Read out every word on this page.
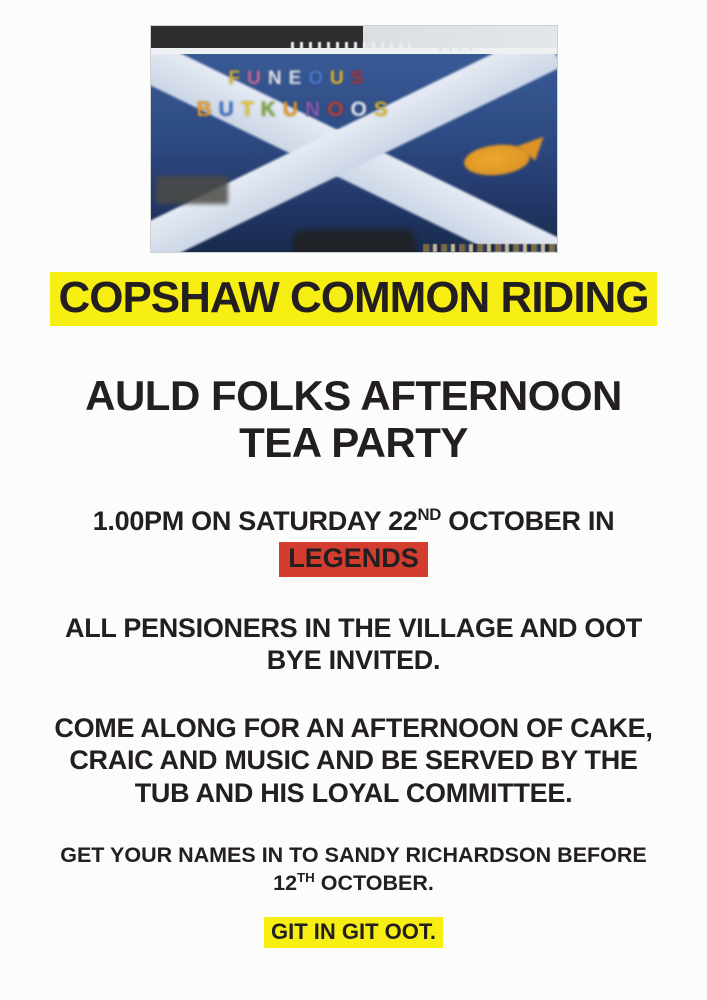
F U N E O U S
B U T K U N O O S
COPSHAW COMMON RIDING
AULD FOLKS AFTERNOON
TEA PARTY
1.00PM ON SATURDAY 22ND OCTOBER IN
LEGENDS
ALL PENSIONERS IN THE VILLAGE AND OOT
BYE INVITED.
COME ALONG FOR AN AFTERNOON OF CAKE,
CRAIC AND MUSIC AND BE SERVED BY THE
TUB AND HIS LOYAL COMMITTEE.
GET YOUR NAMES IN TO SANDY RICHARDSON BEFORE
12TH OCTOBER.
GIT IN GIT OOT.
